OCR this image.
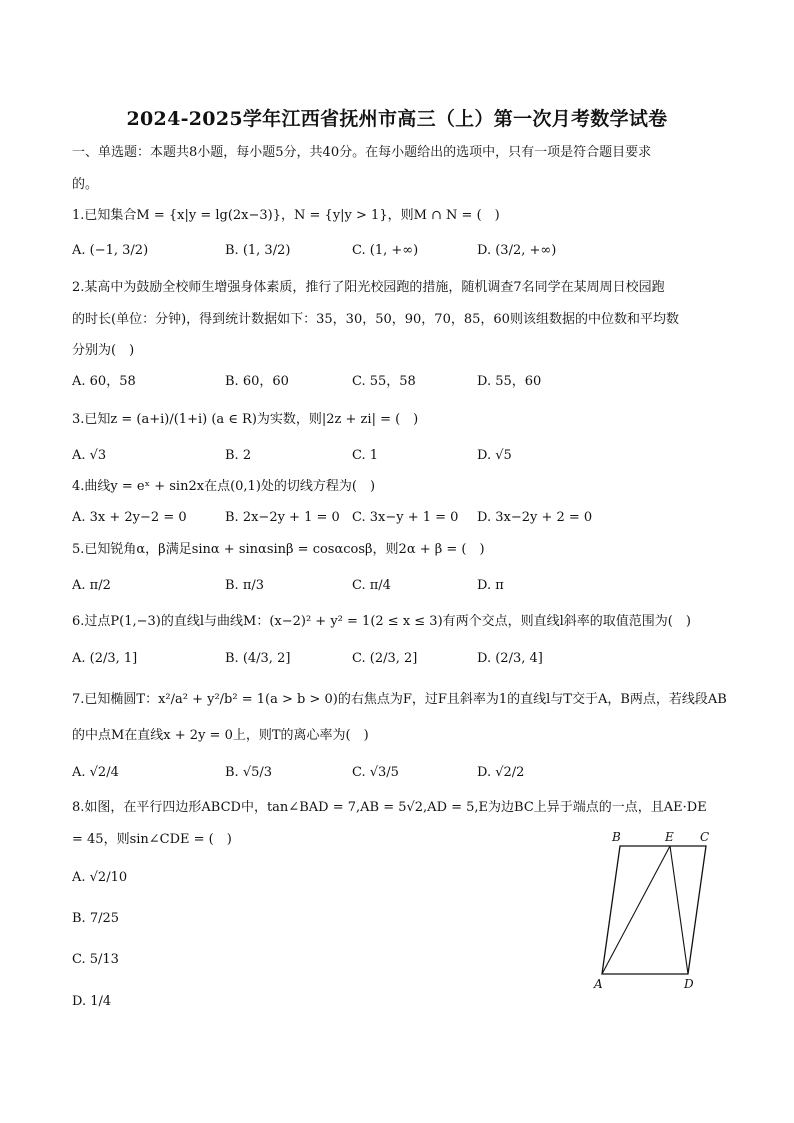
2024-2025学年江西省抚州市高三（上）第一次月考数学试卷
一、单选题：本题共8小题，每小题5分，共40分。在每小题给出的选项中，只有一项是符合题目要求
的。
1.已知集合M = {x|y = lg(2x−3)}，N = {y|y > 1}，则M ∩ N = (　)
A. (−1, 3/2)	B. (1, 3/2)	C. (1, +∞)	D. (3/2, +∞)
2.某高中为鼓励全校师生增强身体素质，推行了阳光校园跑的措施，随机调查7名同学在某周周日校园跑
的时长(单位：分钟)，得到统计数据如下：35，30，50，90，70，85，60则该组数据的中位数和平均数
分别为(　)
A. 60，58	B. 60，60	C. 55，58	D. 55，60
3.已知z = (a+i)/(1+i) (a ∈ R)为实数，则|2z + zi| = (　)
A. √3	B. 2	C. 1	D. √5
4.曲线y = eˣ + sin2x在点(0,1)处的切线方程为(　)
A. 3x + 2y−2 = 0	B. 2x−2y + 1 = 0 C. 3x−y + 1 = 0 D. 3x−2y + 2 = 0
5.已知锐角α，β满足sinα + sinαsinβ = cosαcosβ，则2α + β = (　)
A. π/2	B. π/3	C. π/4	D. π
6.过点P(1,−3)的直线l与曲线M：(x−2)² + y² = 1(2 ≤ x ≤ 3)有两个交点，则直线l斜率的取值范围为(　)
A. (2/3, 1]	B. (4/3, 2]	C. (2/3, 2]	D. (2/3, 4]
7.已知椭圆T：x²/a² + y²/b² = 1(a > b > 0)的右焦点为F，过F且斜率为1的直线l与T交于A，B两点，若线段AB
的中点M在直线x + 2y = 0上，则T的离心率为(　)
A. √2/4	B. √5/3	C. √3/5	D. √2/2
8.如图，在平行四边形ABCD中，tan∠BAD = 7,AB = 5√2,AD = 5,E为边BC上异于端点的一点，且AE·DE
= 45，则sin∠CDE = (　)
A. √2/10
B. 7/25
C. 5/13
D. 1/4
B	E C
A	D
